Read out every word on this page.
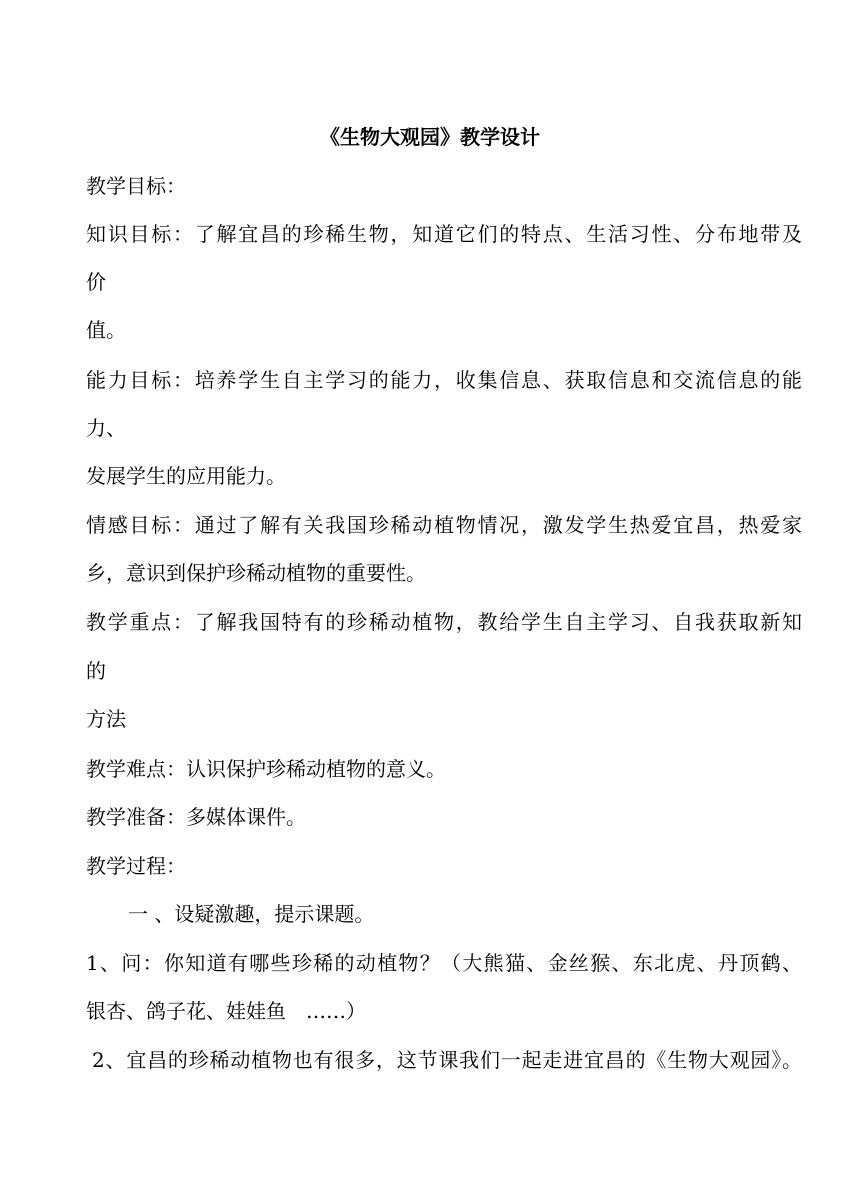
《生物大观园》教学设计
教学目标：
知识目标：了解宜昌的珍稀生物，知道它们的特点、生活习性、分布地带及
价
值。
能力目标：培养学生自主学习的能力，收集信息、获取信息和交流信息的能
力、
发展学生的应用能力。
情感目标：通过了解有关我国珍稀动植物情况，激发学生热爱宜昌，热爱家
乡，意识到保护珍稀动植物的重要性。
教学重点：了解我国特有的珍稀动植物，教给学生自主学习、自我获取新知
的
方法
教学难点：认识保护珍稀动植物的意义。
教学准备：多媒体课件。
教学过程：
一 、设疑激趣，提示课题。
1、问：你知道有哪些珍稀的动植物？（大熊猫、金丝猴、东北虎、丹顶鹤、
银杏、鸽子花、娃娃鱼　……）
2、宜昌的珍稀动植物也有很多，这节课我们一起走进宜昌的《生物大观园》。
